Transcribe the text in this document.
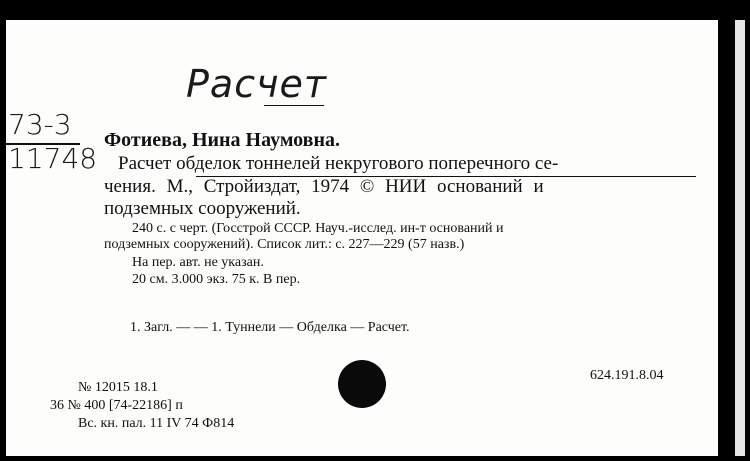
Расчет
73-3
11748
Фотиева, Нина Наумовна.
Расчет обделок тоннелей некругового поперечного се-
чения. М., Стройиздат, 1974 © НИИ оснований и
подземных сооружений.
240 с. с черт. (Госстрой СССР. Науч.-исслед. ин-т оснований и
подземных сооружений). Список лит.: с. 227—229 (57 назв.)
На пер. авт. не указан.
20 см. 3.000 экз. 75 к. В пер.
1. Загл. — — 1. Туннели — Обделка — Расчет.
624.191.8.04
№ 12015 18.1
36 № 400 [74-22186] п
Вс. кн. пал. 11 IV 74 Ф814
